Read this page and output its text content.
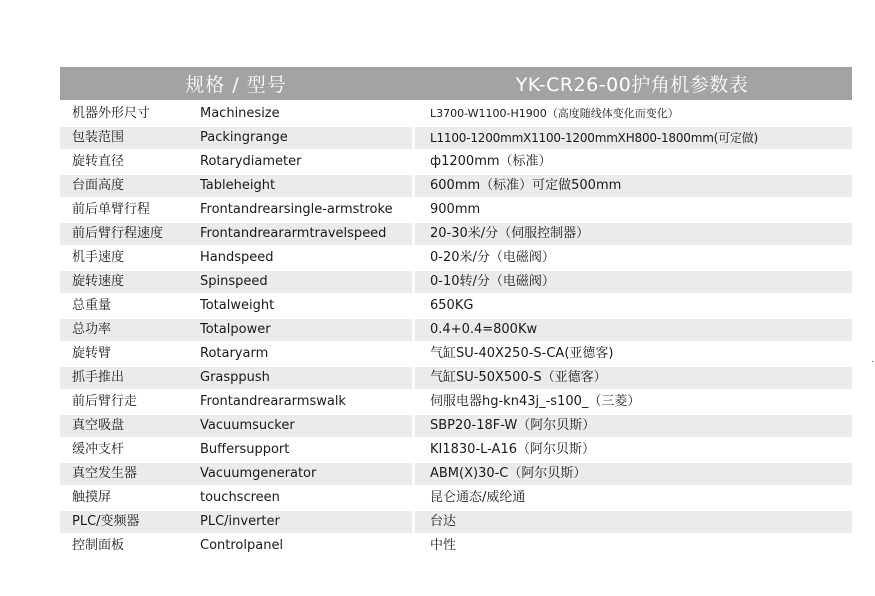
规格 / 型号	YK-CR26-00护角机参数表
机器外形尺寸	Machinesize	L3700-W1100-H1900（高度随线体变化而变化）
包装范围	Packingrange	L1100-1200mmX1100-1200mmXH800-1800mm(可定做)
旋转直径	Rotarydiameter	ф1200mm（标准）
台面高度	Tableheight	600mm（标准）可定做500mm
前后单臂行程	Frontandrearsingle-armstroke	900mm
前后臂行程速度	Frontandreararmtravelspeed	20-30米/分（伺服控制器）
机手速度	Handspeed	0-20米/分（电磁阀）
旋转速度	Spinspeed	0-10转/分（电磁阀）
总重量	Totalweight	650KG
总功率	Totalpower	0.4+0.4=800Kw
旋转臂	Rotaryarm	气缸SU-40X250-S-CA(亚德客)
抓手推出	Grasppush	气缸SU-50X500-S（亚德客）
前后臂行走	Frontandreararmswalk	伺服电器hg-kn43j_-s100_（三菱）
真空吸盘	Vacuumsucker	SBP20-18F-W（阿尔贝斯）
缓冲支杆	Buffersupport	KI1830-L-A16（阿尔贝斯）
真空发生器	Vacuumgenerator	ABM(X)30-C（阿尔贝斯）
触摸屏	touchscreen	昆仑通态/威纶通
PLC/变频器	PLC/inverter	台达
控制面板	Controlpanel	中性
